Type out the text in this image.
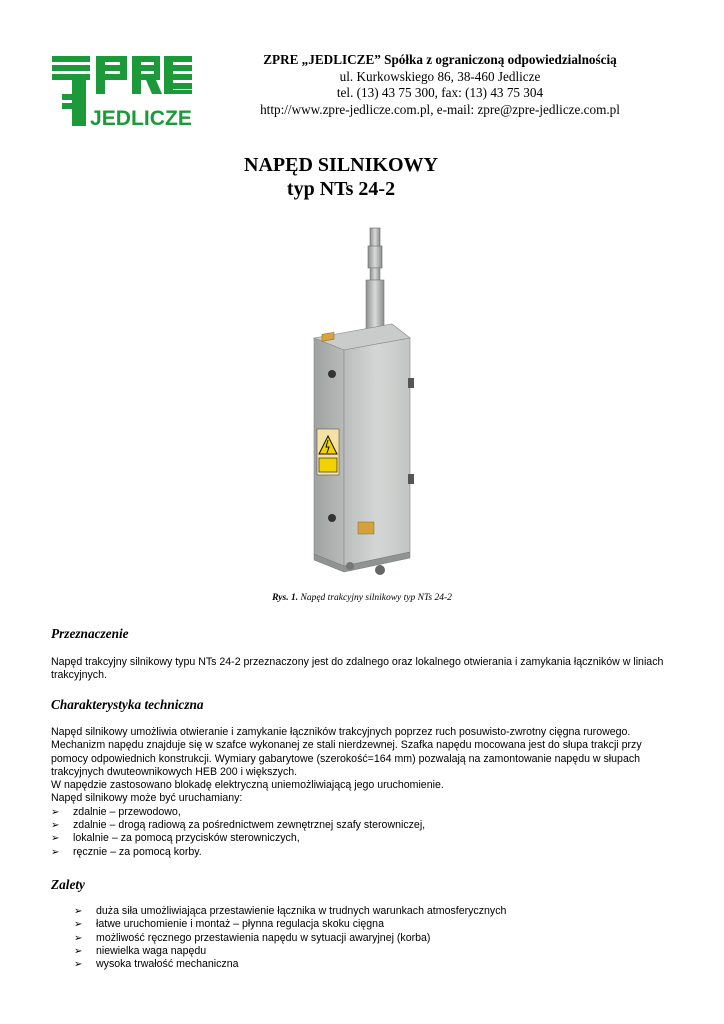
JEDLICZE
ZPRE „JEDLICZE” Spółka z ograniczoną odpowiedzialnością
ul. Kurkowskiego 86, 38-460 Jedlicze
tel. (13) 43 75 300, fax: (13) 43 75 304
http://www.zpre-jedlicze.com.pl, e-mail: zpre@zpre-jedlicze.com.pl
NAPĘD SILNIKOWY
typ NTs 24-2
Rys. 1. Napęd trakcyjny silnikowy typ NTs 24-2
Przeznaczenie
Napęd trakcyjny silnikowy typu NTs 24-2 przeznaczony jest do zdalnego oraz lokalnego otwierania i zamykania łączników w liniach trakcyjnych.
Charakterystyka techniczna
Napęd silnikowy umożliwia otwieranie i zamykanie łączników trakcyjnych poprzez ruch posuwisto-zwrotny cięgna rurowego. Mechanizm napędu znajduje się w szafce wykonanej ze stali nierdzewnej. Szafka napędu mocowana jest do słupa trakcji przy pomocy odpowiednich konstrukcji. Wymiary gabarytowe (szerokość=164 mm) pozwalają na zamontowanie napędu w słupach trakcyjnych dwuteownikowych HEB 200 i większych.
W napędzie zastosowano blokadę elektryczną uniemożliwiającą jego uruchomienie.
Napęd silnikowy może być uruchamiany:
➢ zdalnie – przewodowo,
➢ zdalnie – drogą radiową za pośrednictwem zewnętrznej szafy sterowniczej,
➢ lokalnie – za pomocą przycisków sterowniczych,
➢ ręcznie – za pomocą korby.
Zalety
➢ duża siła umożliwiająca przestawienie łącznika w trudnych warunkach atmosferycznych
➢ łatwe uruchomienie i montaż – płynna regulacja skoku cięgna
➢ możliwość ręcznego przestawienia napędu w sytuacji awaryjnej (korba)
➢ niewielka waga napędu
➢ wysoka trwałość mechaniczna
